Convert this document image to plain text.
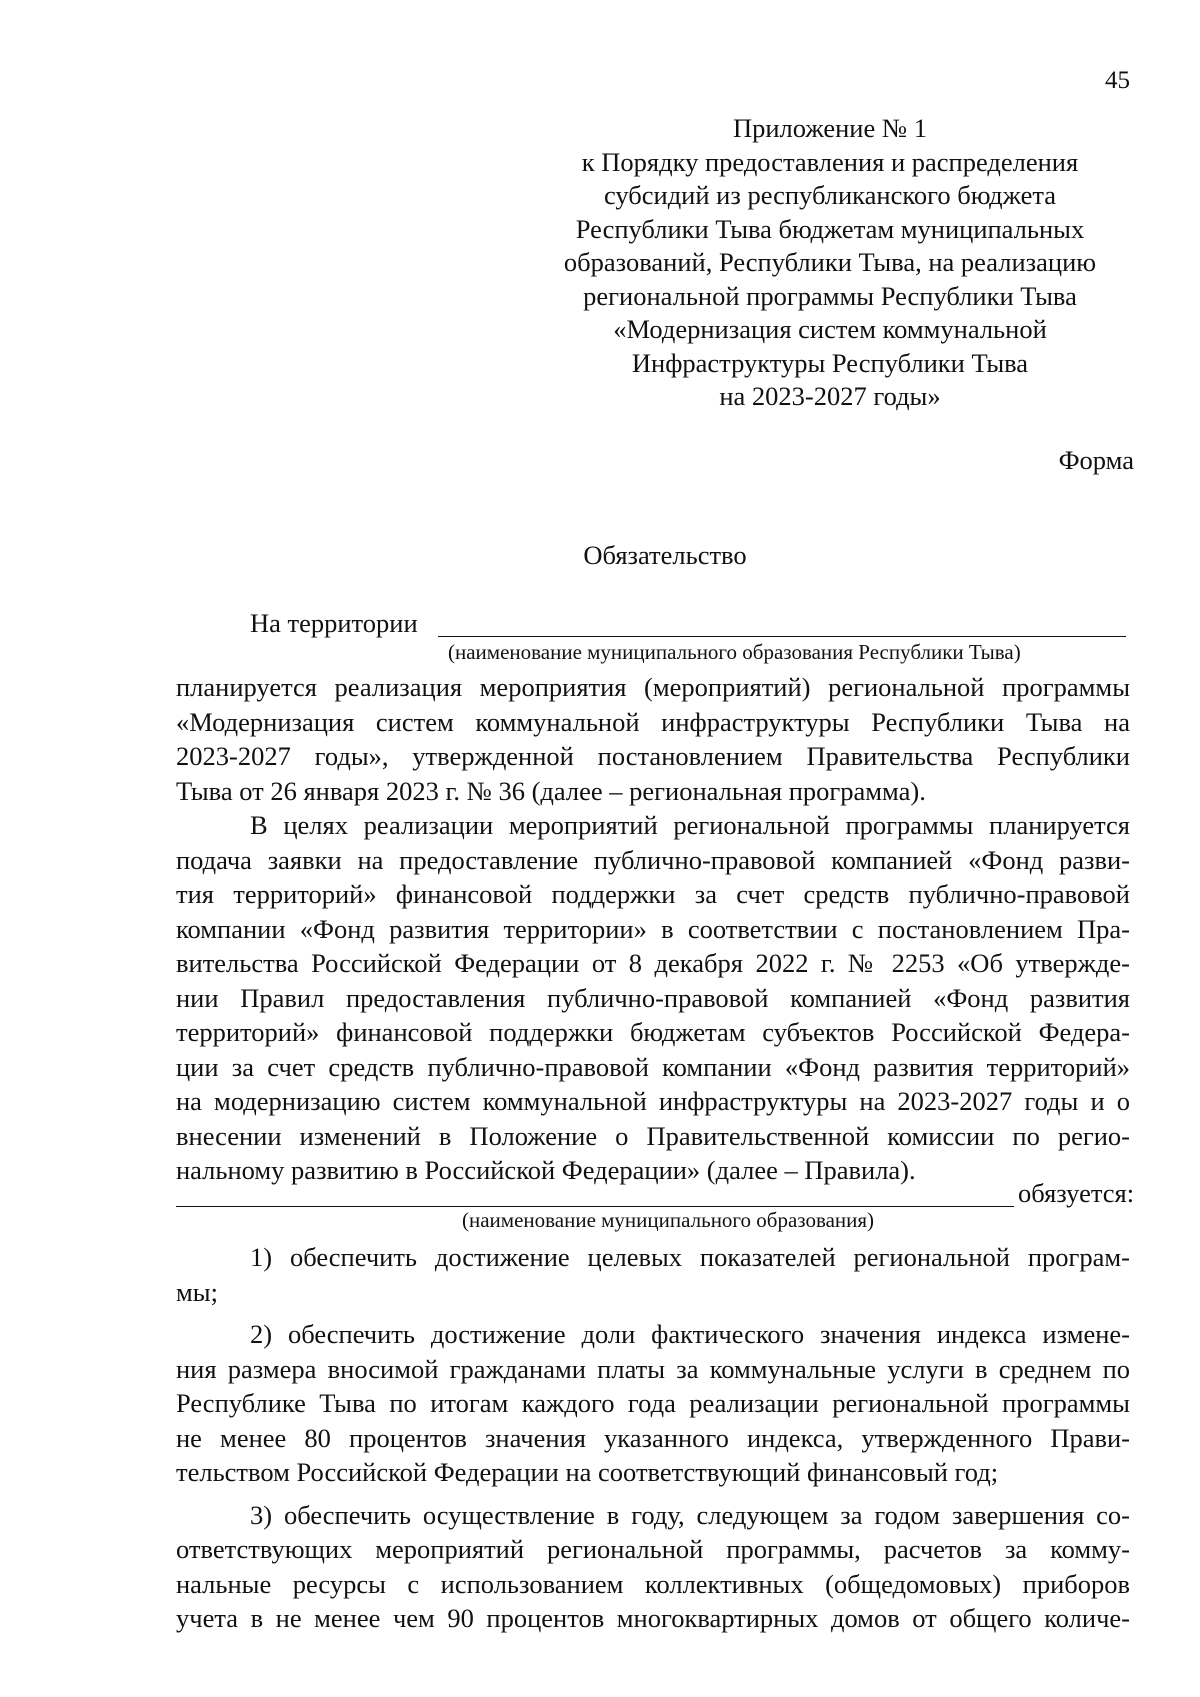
45
Приложение № 1
к Порядку предоставления и распределения
субсидий из республиканского бюджета
Республики Тыва бюджетам муниципальных
образований, Республики Тыва, на реализацию
региональной программы Республики Тыва
«Модернизация систем коммунальной
Инфраструктуры Республики Тыва
на 2023-2027 годы»
Форма
Обязательство
На территории
(наименование муниципального образования Республики Тыва)
планируется реализация мероприятия (мероприятий) региональной программы
«Модернизация систем коммунальной инфраструктуры Республики Тыва на
2023-2027 годы», утвержденной постановлением Правительства Республики
Тыва от 26 января 2023 г. № 36 (далее – региональная программа).
В целях реализации мероприятий региональной программы планируется
подача заявки на предоставление публично-правовой компанией «Фонд разви-
тия территорий» финансовой поддержки за счет средств публично-правовой
компании «Фонд развития территории» в соответствии с постановлением Пра-
вительства Российской Федерации от 8 декабря 2022 г. № 2253 «Об утвержде-
нии Правил предоставления публично-правовой компанией «Фонд развития
территорий» финансовой поддержки бюджетам субъектов Российской Федера-
ции за счет средств публично-правовой компании «Фонд развития территорий»
на модернизацию систем коммунальной инфраструктуры на 2023-2027 годы и о
внесении изменений в Положение о Правительственной комиссии по регио-
нальному развитию в Российской Федерации» (далее – Правила).
обязуется:
(наименование муниципального образования)
1) обеспечить достижение целевых показателей региональной програм-
мы;
2) обеспечить достижение доли фактического значения индекса измене-
ния размера вносимой гражданами платы за коммунальные услуги в среднем по
Республике Тыва по итогам каждого года реализации региональной программы
не менее 80 процентов значения указанного индекса, утвержденного Прави-
тельством Российской Федерации на соответствующий финансовый год;
3) обеспечить осуществление в году, следующем за годом завершения со-
ответствующих мероприятий региональной программы, расчетов за комму-
нальные ресурсы с использованием коллективных (общедомовых) приборов
учета в не менее чем 90 процентов многоквартирных домов от общего количе-
